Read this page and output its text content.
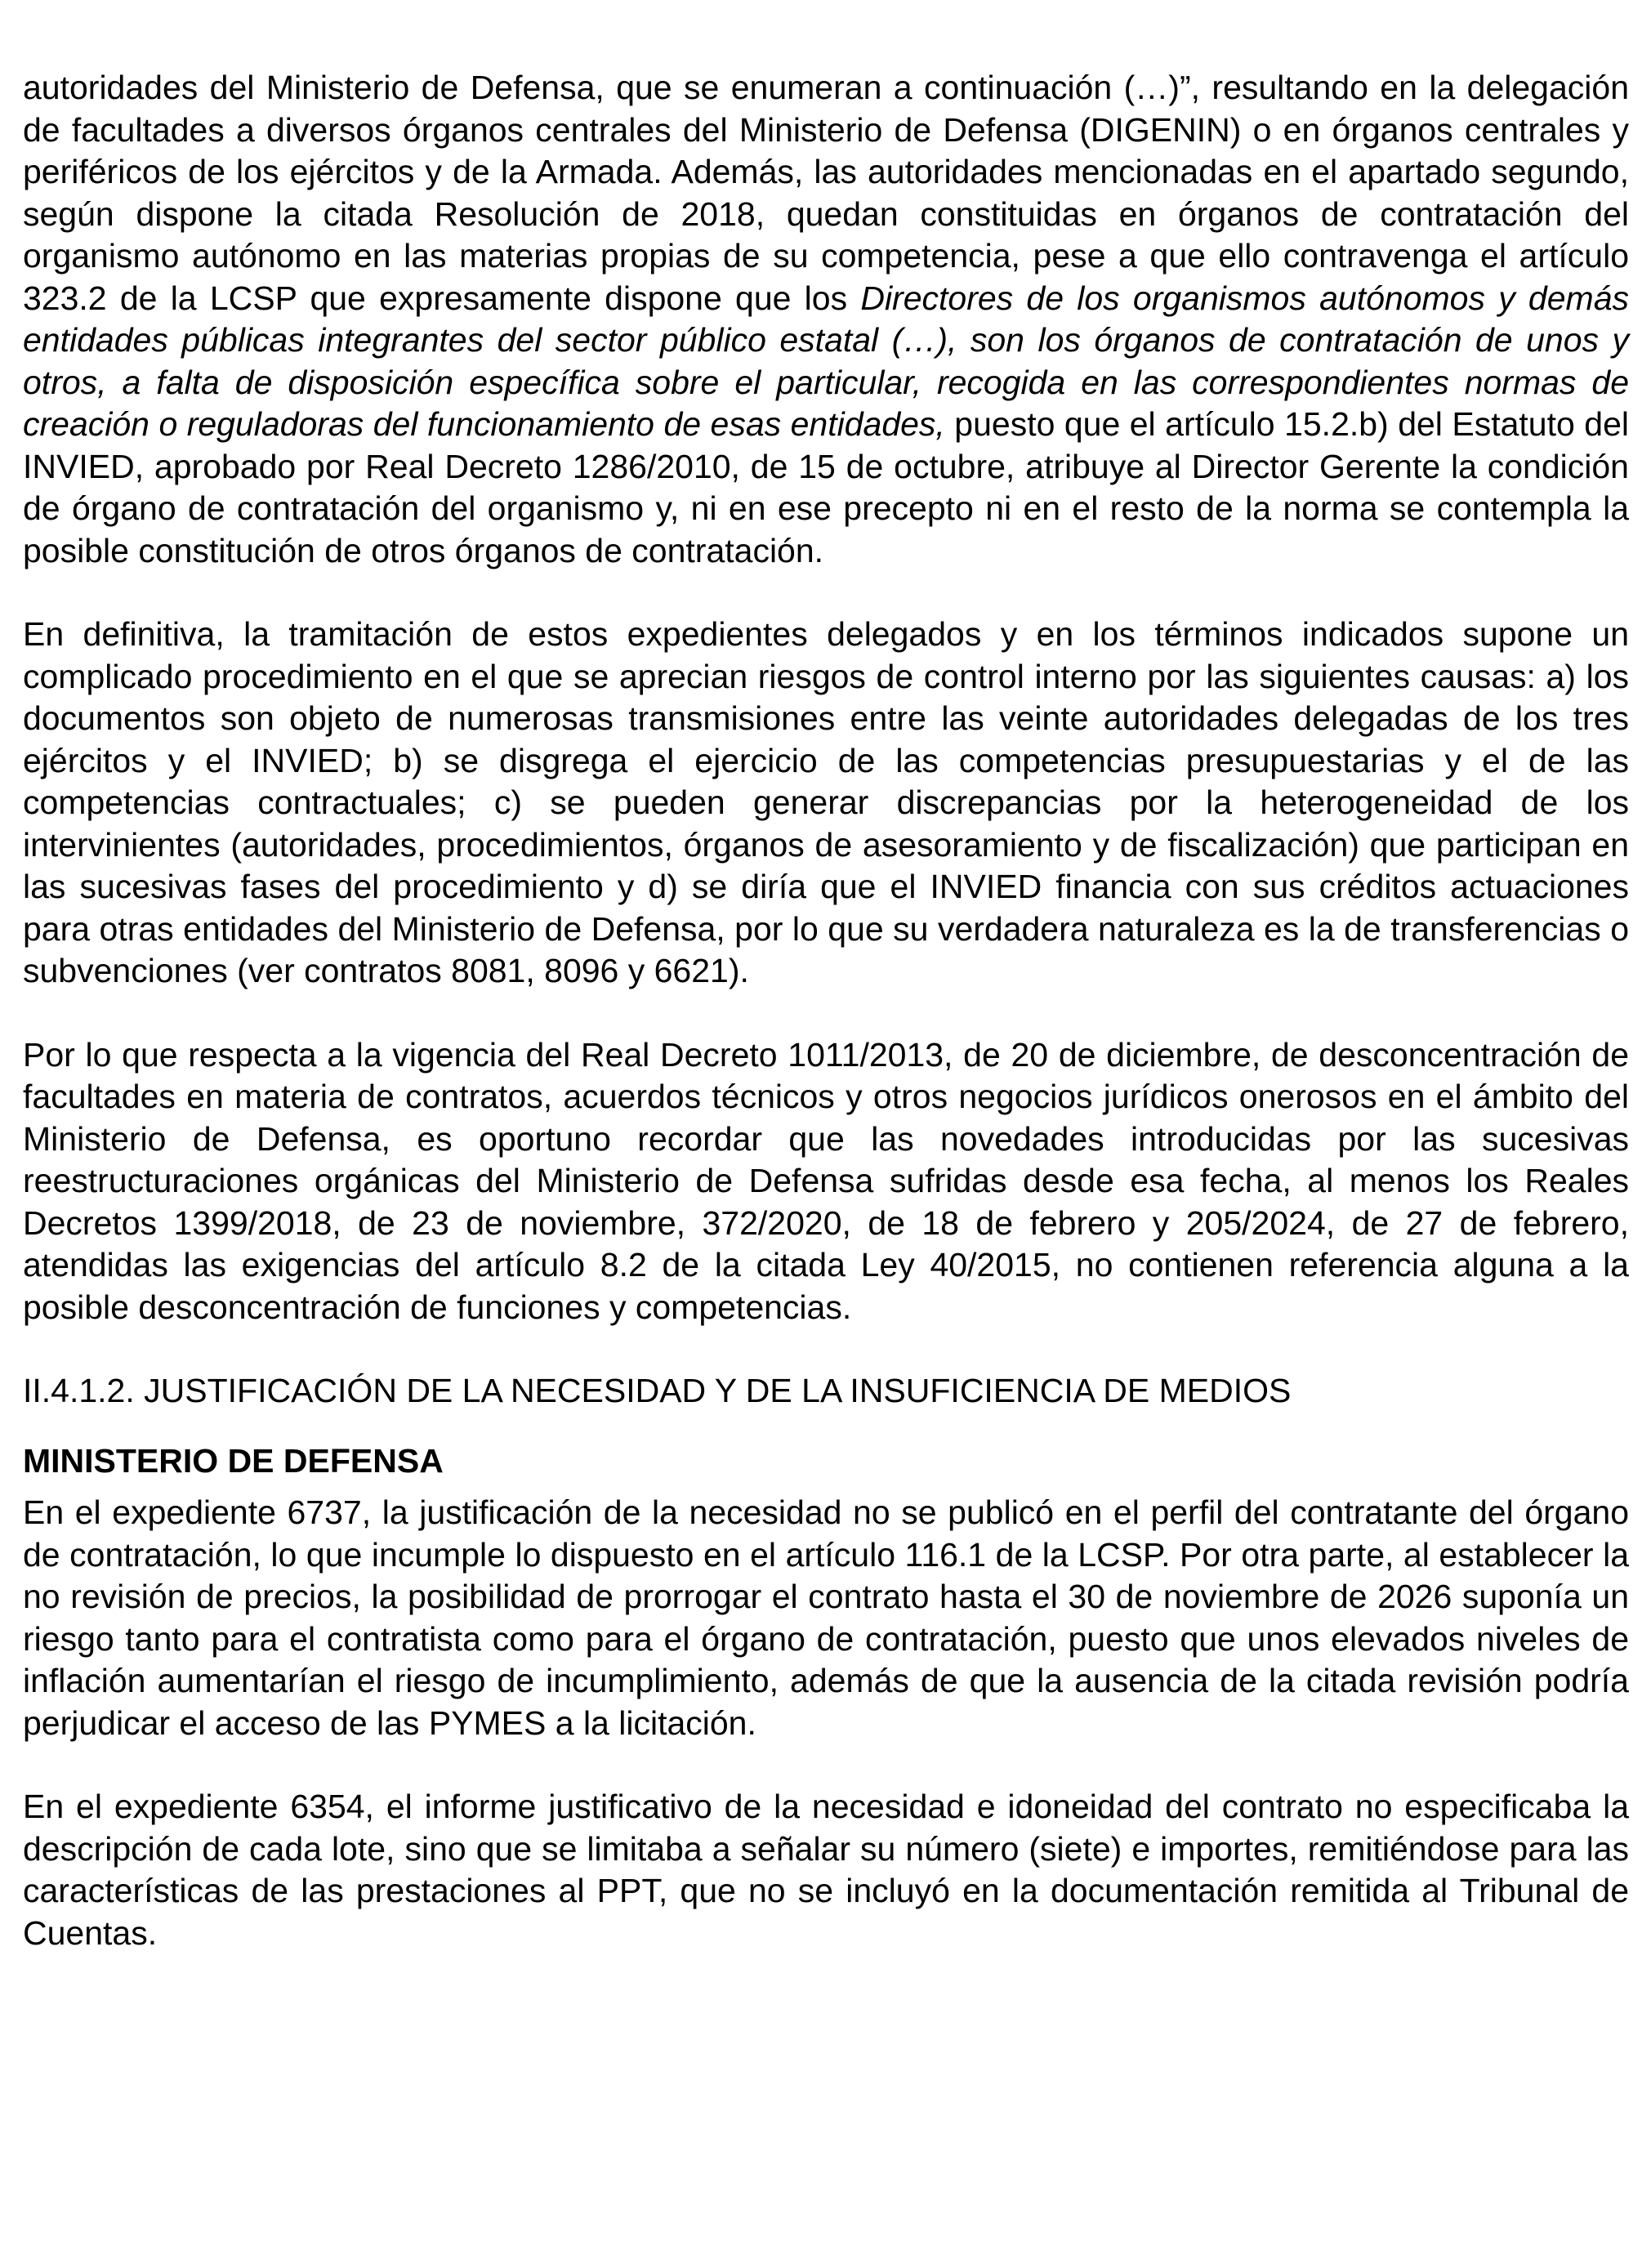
autoridades del Ministerio de Defensa, que se enumeran a continuación (…)”, resultando en la delegación de facultades a diversos órganos centrales del Ministerio de Defensa (DIGENIN) o en órganos centrales y periféricos de los ejércitos y de la Armada. Además, las autoridades mencionadas en el apartado segundo, según dispone la citada Resolución de 2018, quedan constituidas en órganos de contratación del organismo autónomo en las materias propias de su competencia, pese a que ello contravenga el artículo 323.2 de la LCSP que expresamente dispone que los Directores de los organismos autónomos y demás entidades públicas integrantes del sector público estatal (…), son los órganos de contratación de unos y otros, a falta de disposición específica sobre el particular, recogida en las correspondientes normas de creación o reguladoras del funcionamiento de esas entidades, puesto que el artículo 15.2.b) del Estatuto del INVIED, aprobado por Real Decreto 1286/2010, de 15 de octubre, atribuye al Director Gerente la condición de órgano de contratación del organismo y, ni en ese precepto ni en el resto de la norma se contempla la posible constitución de otros órganos de contratación.

En definitiva, la tramitación de estos expedientes delegados y en los términos indicados supone un complicado procedimiento en el que se aprecian riesgos de control interno por las siguientes causas: a) los documentos son objeto de numerosas transmisiones entre las veinte autoridades delegadas de los tres ejércitos y el INVIED; b) se disgrega el ejercicio de las competencias presupuestarias y el de las competencias contractuales; c) se pueden generar discrepancias por la heterogeneidad de los intervinientes (autoridades, procedimientos, órganos de asesoramiento y de fiscalización) que participan en las sucesivas fases del procedimiento y d) se diría que el INVIED financia con sus créditos actuaciones para otras entidades del Ministerio de Defensa, por lo que su verdadera naturaleza es la de transferencias o subvenciones (ver contratos 8081, 8096 y 6621).

Por lo que respecta a la vigencia del Real Decreto 1011/2013, de 20 de diciembre, de desconcentración de facultades en materia de contratos, acuerdos técnicos y otros negocios jurídicos onerosos en el ámbito del Ministerio de Defensa, es oportuno recordar que las novedades introducidas por las sucesivas reestructuraciones orgánicas del Ministerio de Defensa sufridas desde esa fecha, al menos los Reales Decretos 1399/2018, de 23 de noviembre, 372/2020, de 18 de febrero y 205/2024, de 27 de febrero, atendidas las exigencias del artículo 8.2 de la citada Ley 40/2015, no contienen referencia alguna a la posible desconcentración de funciones y competencias.

II.4.1.2. JUSTIFICACIÓN DE LA NECESIDAD Y DE LA INSUFICIENCIA DE MEDIOS
MINISTERIO DE DEFENSA

En el expediente 6737, la justificación de la necesidad no se publicó en el perfil del contratante del órgano de contratación, lo que incumple lo dispuesto en el artículo 116.1 de la LCSP. Por otra parte, al establecer la no revisión de precios, la posibilidad de prorrogar el contrato hasta el 30 de noviembre de 2026 suponía un riesgo tanto para el contratista como para el órgano de contratación, puesto que unos elevados niveles de inflación aumentarían el riesgo de incumplimiento, además de que la ausencia de la citada revisión podría perjudicar el acceso de las PYMES a la licitación.

En el expediente 6354, el informe justificativo de la necesidad e idoneidad del contrato no especificaba la descripción de cada lote, sino que se limitaba a señalar su número (siete) e importes, remitiéndose para las características de las prestaciones al PPT, que no se incluyó en la documentación remitida al Tribunal de Cuentas.
